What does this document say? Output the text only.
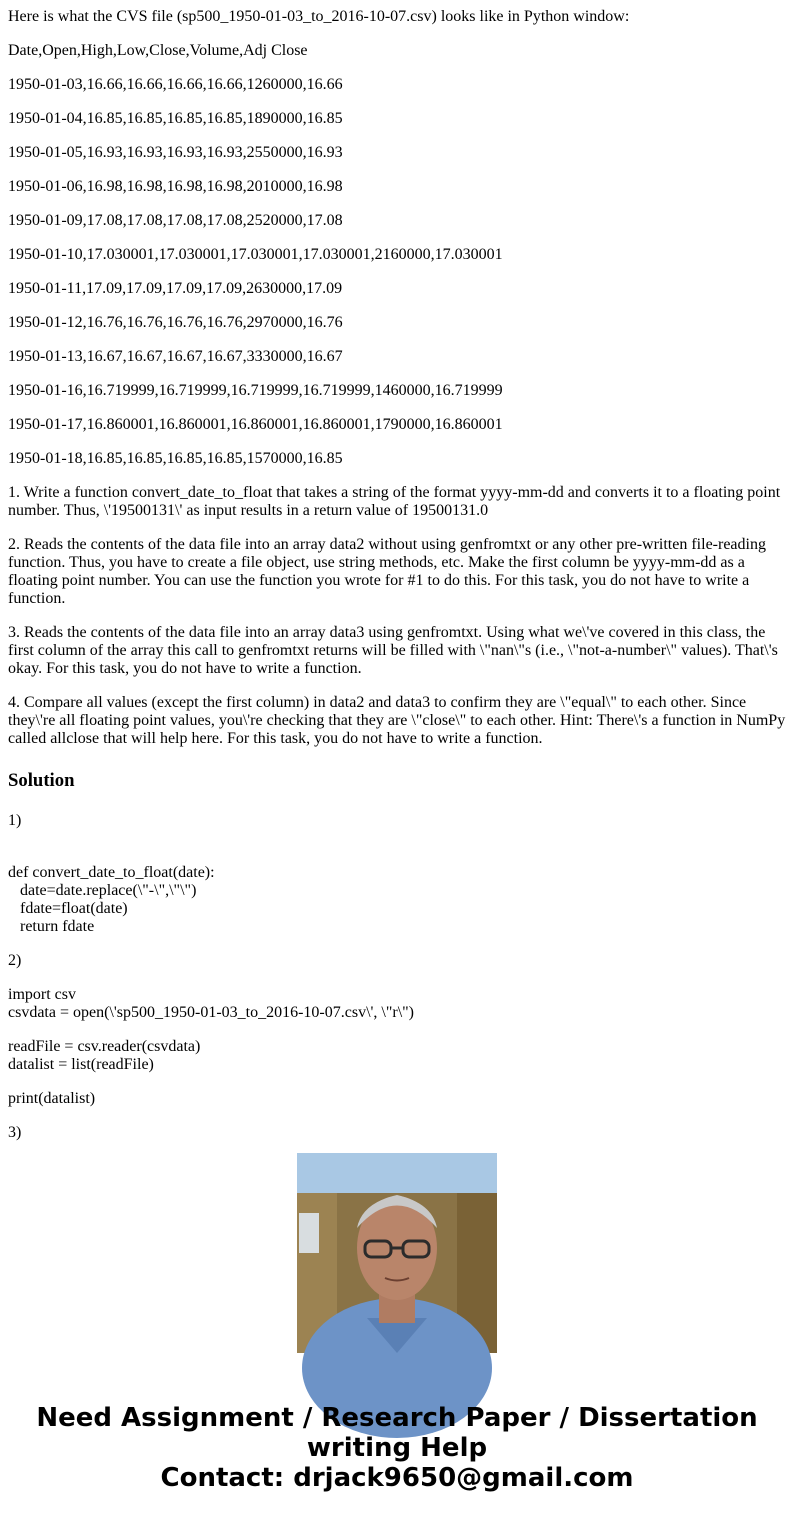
Here is what the CVS file (sp500_1950-01-03_to_2016-10-07.csv) looks like in Python window:

Date,Open,High,Low,Close,Volume,Adj Close

1950-01-03,16.66,16.66,16.66,16.66,1260000,16.66

1950-01-04,16.85,16.85,16.85,16.85,1890000,16.85

1950-01-05,16.93,16.93,16.93,16.93,2550000,16.93

1950-01-06,16.98,16.98,16.98,16.98,2010000,16.98

1950-01-09,17.08,17.08,17.08,17.08,2520000,17.08

1950-01-10,17.030001,17.030001,17.030001,17.030001,2160000,17.030001

1950-01-11,17.09,17.09,17.09,17.09,2630000,17.09

1950-01-12,16.76,16.76,16.76,16.76,2970000,16.76

1950-01-13,16.67,16.67,16.67,16.67,3330000,16.67

1950-01-16,16.719999,16.719999,16.719999,16.719999,1460000,16.719999

1950-01-17,16.860001,16.860001,16.860001,16.860001,1790000,16.860001

1950-01-18,16.85,16.85,16.85,16.85,1570000,16.85

1. Write a function convert_date_to_float that takes a string of the format yyyy-mm-dd and converts it to a floating point number. Thus, \'19500131\' as input results in a return value of 19500131.0

2. Reads the contents of the data file into an array data2 without using genfromtxt or any other pre-written file-reading function. Thus, you have to create a file object, use string methods, etc. Make the first column be yyyy-mm-dd as a floating point number. You can use the function you wrote for #1 to do this. For this task, you do not have to write a function.

3. Reads the contents of the data file into an array data3 using genfromtxt. Using what we\'ve covered in this class, the first column of the array this call to genfromtxt returns will be filled with \"nan\"s (i.e., \"not-a-number\" values). That\'s okay. For this task, you do not have to write a function.

4. Compare all values (except the first column) in data2 and data3 to confirm they are \"equal\" to each other. Since they\'re all floating point values, you\'re checking that they are \"close\" to each other. Hint: There\'s a function in NumPy called allclose that will help here. For this task, you do not have to write a function.

Solution

1)

def convert_date_to_float(date):

date=date.replace(\"-\",\"\")

fdate=float(date)

return fdate

2)

import csv

csvdata = open(\'sp500_1950-01-03_to_2016-10-07.csv\', \"r\")

readFile = csv.reader(csvdata)

datalist = list(readFile)

print(datalist)

3)

Need Assignment / Research Paper / Dissertation
writing Help
Contact: drjack9650@gmail.com
